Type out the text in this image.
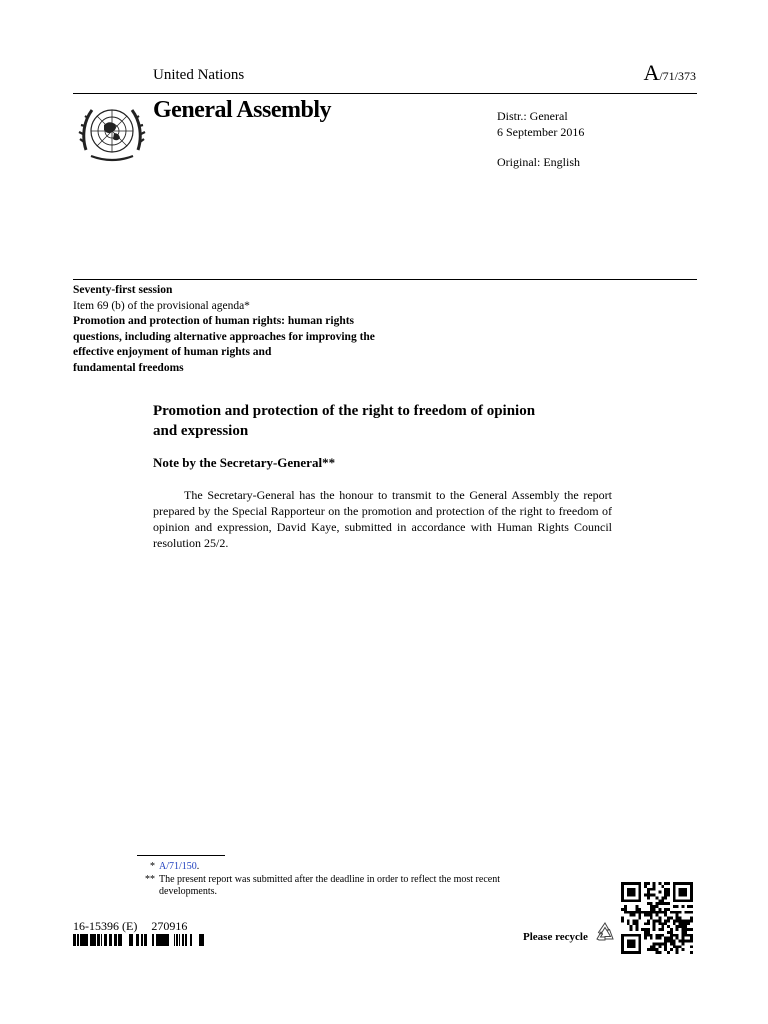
United Nations	A/71/373
General Assembly	Distr.: General
6 September 2016
Original: English
Seventy-first session
Item 69 (b) of the provisional agenda*
Promotion and protection of human rights: human rights
questions, including alternative approaches for improving the
effective enjoyment of human rights and
fundamental freedoms
Promotion and protection of the right to freedom of opinion
and expression
Note by the Secretary-General**
The Secretary-General has the honour to transmit to the General Assembly the report prepared by the Special Rapporteur on the promotion and protection of the right to freedom of opinion and expression, David Kaye, submitted in accordance with Human Rights Council resolution 25/2.
* A/71/150.
** The present report was submitted after the deadline in order to reflect the most recent developments.
16-15396 (E) 270916
Please recycle
